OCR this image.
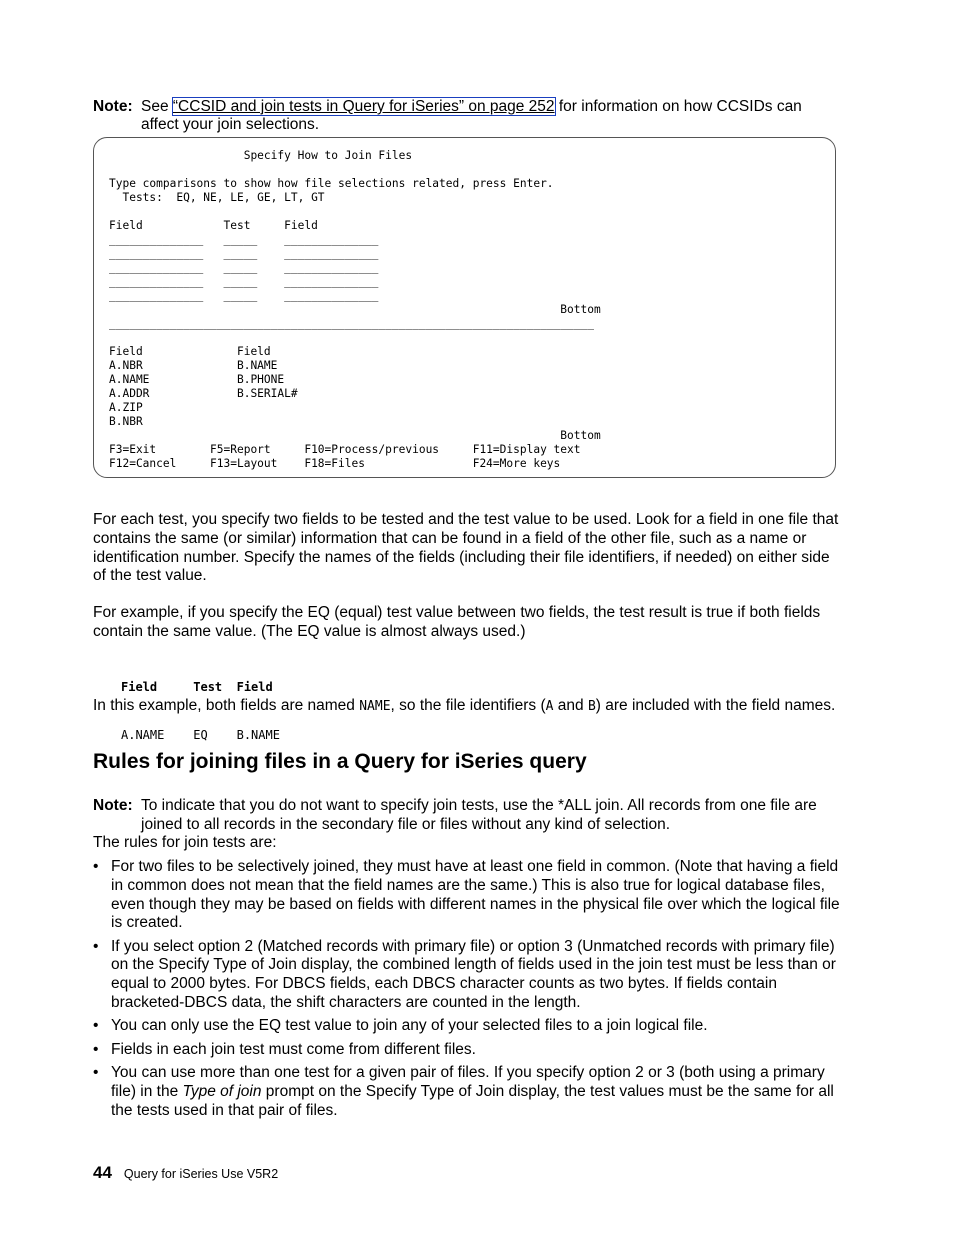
Note: See “CCSID and join tests in Query for iSeries” on page 252 for information on how CCSIDs can affect your join selections.
Specify How to Join Files

Type comparisons to show how file selections related, press Enter.
Tests:  EQ, NE, LE, GE, LT, GT

Field            Test     Field
______________   _____    ______________
______________   _____    ______________
______________   _____    ______________
______________   _____    ______________
______________   _____    ______________
Bottom
________________________________________________________________________

Field              Field
A.NBR              B.NAME
A.NAME             B.PHONE
A.ADDR             B.SERIAL#
A.ZIP
B.NBR
Bottom
F3=Exit        F5=Report     F10=Process/previous     F11=Display text
F12=Cancel     F13=Layout    F18=Files                F24=More keys
For each test, you specify two fields to be tested and the test value to be used. Look for a field in one file that contains the same (or similar) information that can be found in a field of the other file, such as a name or identification number. Specify the names of the fields (including their file identifiers, if needed) on either side of the test value.
For example, if you specify the EQ (equal) test value between two fields, the test result is true if both fields contain the same value. (The EQ value is almost always used.)

Field     Test  Field

A.NAME    EQ    B.NAME

In this example, both fields are named NAME, so the file identifiers (A and B) are included with the field names.
Rules for joining files in a Query for iSeries query
Note: To indicate that you do not want to specify join tests, use the *ALL join. All records from one file are joined to all records in the secondary file or files without any kind of selection.
The rules for join tests are:
• For two files to be selectively joined, they must have at least one field in common. (Note that having a field in common does not mean that the field names are the same.) This is also true for logical database files, even though they may be based on fields with different names in the physical file over which the logical file is created.
• If you select option 2 (Matched records with primary file) or option 3 (Unmatched records with primary file) on the Specify Type of Join display, the combined length of fields used in the join test must be less than or equal to 2000 bytes. For DBCS fields, each DBCS character counts as two bytes. If fields contain bracketed-DBCS data, the shift characters are counted in the length.
• You can only use the EQ test value to join any of your selected files to a join logical file.
• Fields in each join test must come from different files.
• You can use more than one test for a given pair of files. If you specify option 2 or 3 (both using a primary file) in the Type of join prompt on the Specify Type of Join display, the test values must be the same for all the tests used in that pair of files.
44 Query for iSeries Use V5R2
